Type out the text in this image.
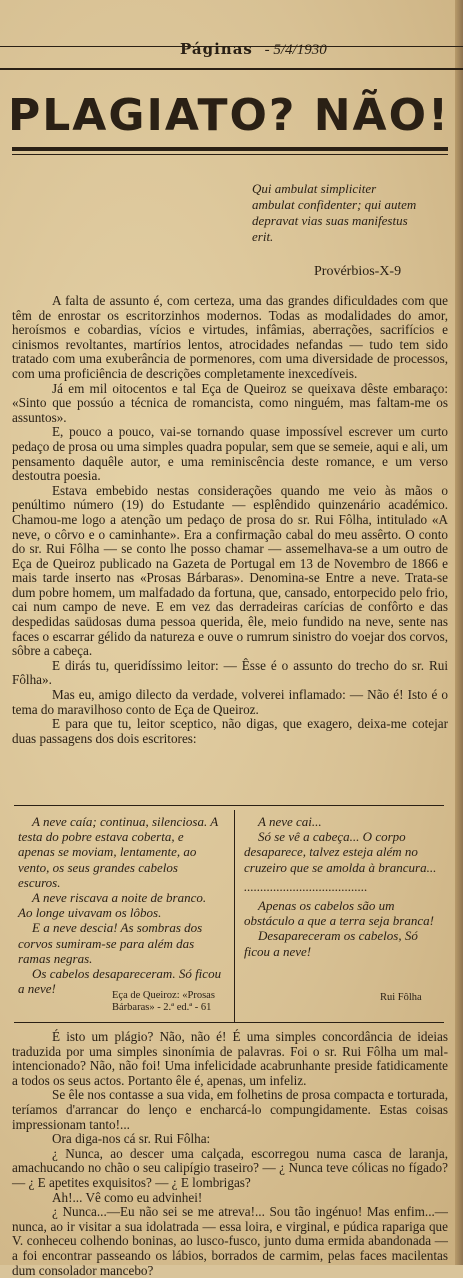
Páginas - 5/4/1930
PLAGIATO? NÃO!
Qui ambulat simpliciter ambulat confidenter; qui autem depravat vias suas manifestus erit.
Provérbios-X-9

A falta de assunto é, com certeza, uma das grandes dificuldades com que têm de enrostar os escritorzinhos modernos. Todas as modalidades do amor, heroísmos e cobardias, vícios e virtudes, infâmias, aberrações, sacrifícios e cinismos revoltantes, martírios lentos, atrocidades nefandas — tudo tem sido tratado com uma exuberância de pormenores, com uma diversidade de processos, com uma proficiência de descrições completamente inexcedíveis.

Já em mil oitocentos e tal Eça de Queiroz se queixava dêste embaraço: «Sinto que possúo a técnica de romancista, como ninguém, mas faltam-me os assuntos».

E, pouco a pouco, vai-se tornando quase impossível escrever um curto pedaço de prosa ou uma simples quadra popular, sem que se semeie, aqui e ali, um pensamento daquêle autor, e uma reminiscência deste romance, e um verso destoutra poesia.

Estava embebido nestas considerações quando me veio às mãos o penúltimo número (19) do Estudante — esplêndido quinzenário académico. Chamou-me logo a atenção um pedaço de prosa do sr. Rui Fôlha, intitulado «A neve, o côrvo e o caminhante». Era a confirmação cabal do meu assêrto. O conto do sr. Rui Fôlha — se conto lhe posso chamar — assemelhava-se a um outro de Eça de Queiroz publicado na Gazeta de Portugal em 13 de Novembro de 1866 e mais tarde inserto nas «Prosas Bárbaras». Denomina-se Entre a neve. Trata-se dum pobre homem, um malfadado da fortuna, que, cansado, entorpecido pelo frio, cai num campo de neve. E em vez das derradeiras carícias de confôrto e das despedidas saüdosas duma pessoa querida, êle, meio fundido na neve, sente nas faces o escarrar gélido da natureza e ouve o rumrum sinistro do voejar dos corvos, sôbre a cabeça.

E dirás tu, queridíssimo leitor: — Êsse é o assunto do trecho do sr. Rui Fôlha».

Mas eu, amigo dilecto da verdade, volverei inflamado: — Não é! Isto é o tema do maravilhoso conto de Eça de Queiroz.

E para que tu, leitor sceptico, não digas, que exagero, deixa-me cotejar duas passagens dos dois escritores:

A neve caía; continua, silenciosa. A testa do pobre estava coberta, e apenas se moviam, lentamente, ao vento, os seus grandes cabelos escuros.

A neve riscava a noite de branco. Ao longe uivavam os lôbos.

E a neve descia! As sombras dos corvos sumiram-se para além das ramas negras.

Os cabelos desapareceram. Só ficou a neve!	Eça de Queiroz: «Prosas
Bárbaras» - 2.ª ed.ª - 61

A neve cai...

Só se vê a cabeça... O corpo desaparece, talvez esteja além no cruzeiro que se amolda à brancura...

......................................

Apenas os cabelos são um obstáculo a que a terra seja branca!

Desapareceram os cabelos, Só ficou a neve!

Rui Fôlha

É isto um plágio? Não, não é! É uma simples concordância de ideias traduzida por uma simples sinonímia de palavras. Foi o sr. Rui Fôlha um mal-intencionado? Não, não foi! Uma infelicidade acabrunhante preside fatidicamente a todos os seus actos. Portanto êle é, apenas, um infeliz.

Se êle nos contasse a sua vida, em folhetins de prosa compacta e torturada, teríamos d'arrancar do lenço e encharcá-lo compungidamente. Estas coisas impressionam tanto!...

Ora diga-nos cá sr. Rui Fôlha:

¿ Nunca, ao descer uma calçada, escorregou numa casca de laranja, amachucando no chão o seu calipígio traseiro? — ¿ Nunca teve cólicas no fígado? — ¿ E apetites exquisitos? — ¿ E lombrigas?

Ah!... Vê como eu advinhei!

¿ Nunca...—Eu não sei se me atreva!... Sou tão ingénuo! Mas enfim...—nunca, ao ir visitar a sua idolatrada — essa loira, e virginal, e púdica rapariga que V. conheceu colhendo boninas, ao lusco-fusco, junto duma ermida abandonada — a foi encontrar passeando os lábios, borrados de carmim, pelas faces macilentas dum consolador mancebo?
